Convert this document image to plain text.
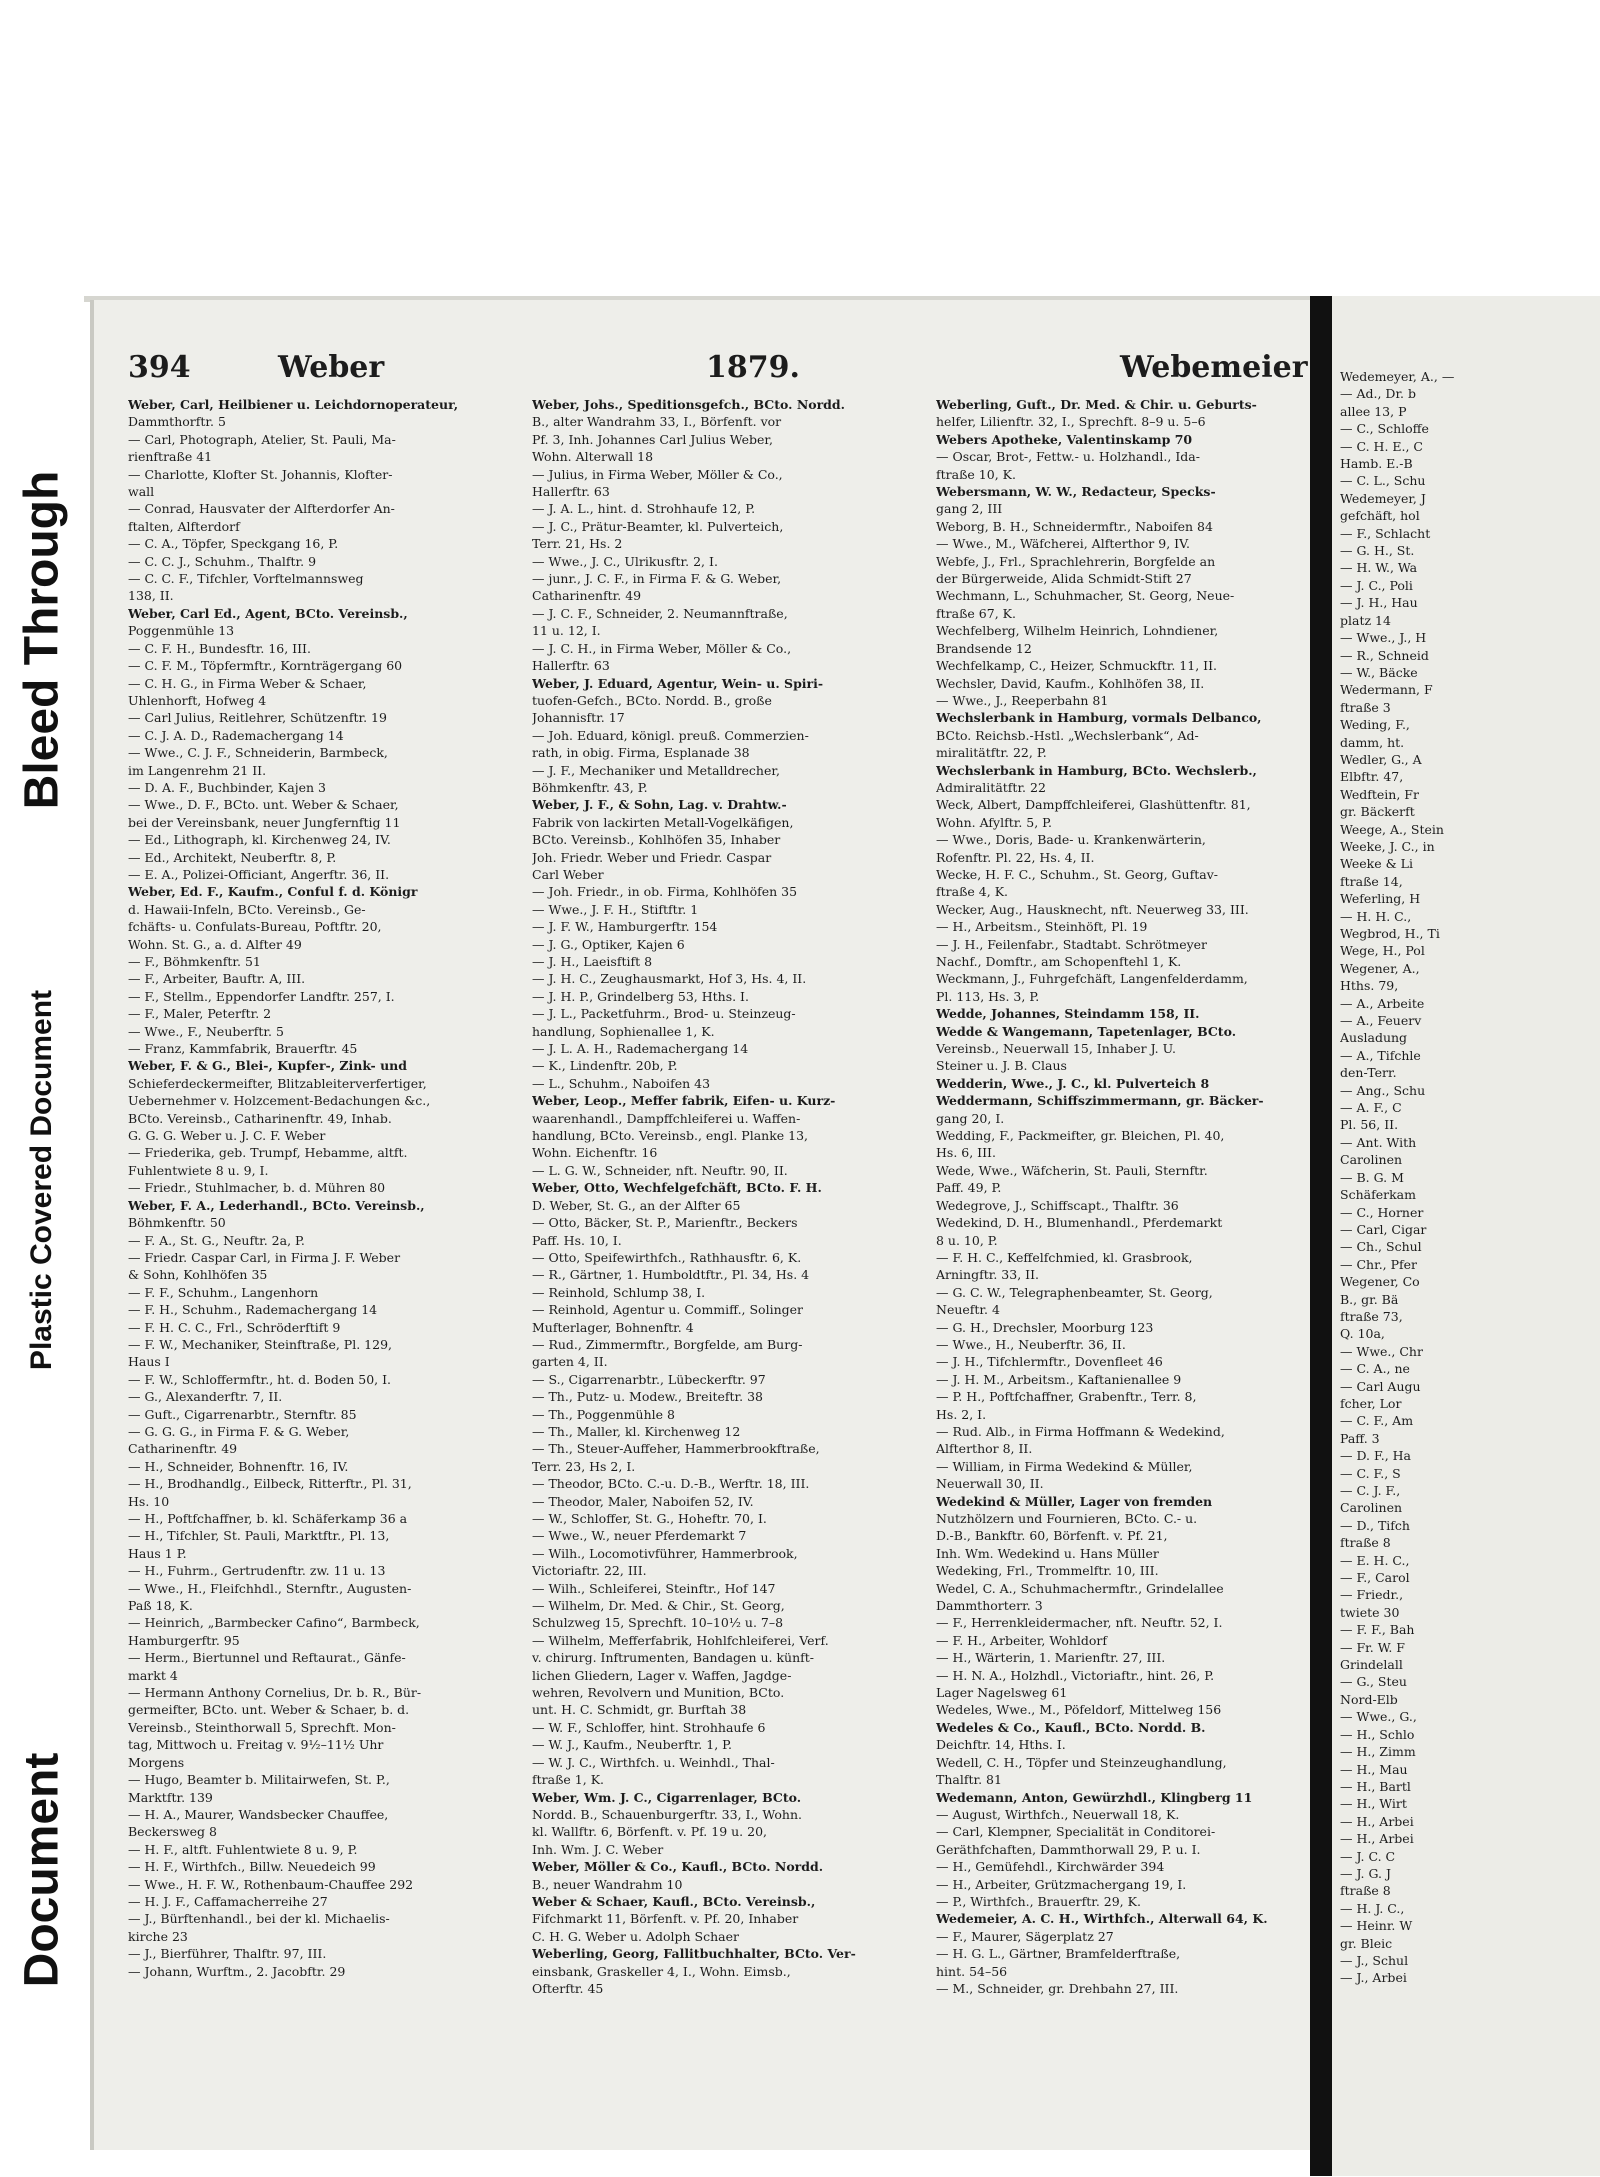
Bleed Through
Plastic Covered Document
Document
394	Weber	1879.	Webemeier

Weber, Carl, Heilbiener u. Leichdornoperateur,

Dammthorftr. 5

— Carl, Photograph, Atelier, St. Pauli, Ma-

rienftraße 41

— Charlotte, Klofter St. Johannis, Klofter-

wall

— Conrad, Hausvater der Alfterdorfer An-

ftalten, Alfterdorf

— C. A., Töpfer, Speckgang 16, P.

— C. C. J., Schuhm., Thalftr. 9

— C. C. F., Tifchler, Vorftelmannsweg

138, II.

Weber, Carl Ed., Agent, BCto. Vereinsb.,

Poggenmühle 13

— C. F. H., Bundesftr. 16, III.

— C. F. M., Töpfermftr., Kornträgergang 60

— C. H. G., in Firma Weber & Schaer,

Uhlenhorft, Hofweg 4

— Carl Julius, Reitlehrer, Schützenftr. 19

— C. J. A. D., Rademachergang 14

— Wwe., C. J. F., Schneiderin, Barmbeck,

im Langenrehm 21 II.

— D. A. F., Buchbinder, Kajen 3

— Wwe., D. F., BCto. unt. Weber & Schaer,

bei der Vereinsbank, neuer Jungfernftig 11

— Ed., Lithograph, kl. Kirchenweg 24, IV.

— Ed., Architekt, Neuberftr. 8, P.

— E. A., Polizei-Officiant, Angerftr. 36, II.

Weber, Ed. F., Kaufm., Conful f. d. Königr

d. Hawaii-Infeln, BCto. Vereinsb., Ge-

fchäfts- u. Confulats-Bureau, Poftftr. 20,

Wohn. St. G., a. d. Alfter 49

— F., Böhmkenftr. 51

— F., Arbeiter, Bauftr. A, III.

— F., Stellm., Eppendorfer Landftr. 257, I.

— F., Maler, Peterftr. 2

— Wwe., F., Neuberftr. 5

— Franz, Kammfabrik, Brauerftr. 45

Weber, F. & G., Blei-, Kupfer-, Zink- und

Schieferdeckermeifter, Blitzableiterverfertiger,

Uebernehmer v. Holzcement-Bedachungen &c.,

BCto. Vereinsb., Catharinenftr. 49, Inhab.

G. G. G. Weber u. J. C. F. Weber

— Friederika, geb. Trumpf, Hebamme, altft.

Fuhlentwiete 8 u. 9, I.

— Friedr., Stuhlmacher, b. d. Mühren 80

Weber, F. A., Lederhandl., BCto. Vereinsb.,

Böhmkenftr. 50

— F. A., St. G., Neuftr. 2a, P.

— Friedr. Caspar Carl, in Firma J. F. Weber

& Sohn, Kohlhöfen 35

— F. F., Schuhm., Langenhorn

— F. H., Schuhm., Rademachergang 14

— F. H. C. C., Frl., Schröderftift 9

— F. W., Mechaniker, Steinftraße, Pl. 129,

Haus I

— F. W., Schloffermftr., ht. d. Boden 50, I.

— G., Alexanderftr. 7, II.

— Guft., Cigarrenarbtr., Sternftr. 85

— G. G. G., in Firma F. & G. Weber,

Catharinenftr. 49

— H., Schneider, Bohnenftr. 16, IV.

— H., Brodhandlg., Eilbeck, Ritterftr., Pl. 31,

Hs. 10

— H., Poftfchaffner, b. kl. Schäferkamp 36 a

— H., Tifchler, St. Pauli, Marktftr., Pl. 13,

Haus 1 P.

— H., Fuhrm., Gertrudenftr. zw. 11 u. 13

— Wwe., H., Fleifchhdl., Sternftr., Augusten-

Paß 18, K.

— Heinrich, „Barmbecker Cafino“, Barmbeck,

Hamburgerftr. 95

— Herm., Biertunnel und Reftaurat., Gänfe-

markt 4

— Hermann Anthony Cornelius, Dr. b. R., Bür-

germeifter, BCto. unt. Weber & Schaer, b. d.

Vereinsb., Steinthorwall 5, Sprechft. Mon-

tag, Mittwoch u. Freitag v. 9½–11½ Uhr

Morgens

— Hugo, Beamter b. Militairwefen, St. P.,

Marktftr. 139

— H. A., Maurer, Wandsbecker Chauffee,

Beckersweg 8

— H. F., altft. Fuhlentwiete 8 u. 9, P.

— H. F., Wirthfch., Billw. Neuedeich 99

— Wwe., H. F. W., Rothenbaum-Chauffee 292

— H. J. F., Caffamacherreihe 27

— J., Bürftenhandl., bei der kl. Michaelis-

kirche 23

— J., Bierführer, Thalftr. 97, III.

— Johann, Wurftm., 2. Jacobftr. 29

Weber, Johs., Speditionsgefch., BCto. Nordd.

B., alter Wandrahm 33, I., Börfenft. vor

Pf. 3, Inh. Johannes Carl Julius Weber,

Wohn. Alterwall 18

— Julius, in Firma Weber, Möller & Co.,

Hallerftr. 63

— J. A. L., hint. d. Strohhaufe 12, P.

— J. C., Prätur-Beamter, kl. Pulverteich,

Terr. 21, Hs. 2

— Wwe., J. C., Ulrikusftr. 2, I.

— junr., J. C. F., in Firma F. & G. Weber,

Catharinenftr. 49

— J. C. F., Schneider, 2. Neumannftraße,

11 u. 12, I.

— J. C. H., in Firma Weber, Möller & Co.,

Hallerftr. 63

Weber, J. Eduard, Agentur, Wein- u. Spiri-

tuofen-Gefch., BCto. Nordd. B., große

Johannisftr. 17

— Joh. Eduard, königl. preuß. Commerzien-

rath, in obig. Firma, Esplanade 38

— J. F., Mechaniker und Metalldrecher,

Böhmkenftr. 43, P.

Weber, J. F., & Sohn, Lag. v. Drahtw.-

Fabrik von lackirten Metall-Vogelkäfigen,

BCto. Vereinsb., Kohlhöfen 35, Inhaber

Joh. Friedr. Weber und Friedr. Caspar

Carl Weber

— Joh. Friedr., in ob. Firma, Kohlhöfen 35

— Wwe., J. F. H., Stiftftr. 1

— J. F. W., Hamburgerftr. 154

— J. G., Optiker, Kajen 6

— J. H., Laeisftift 8

— J. H. C., Zeughausmarkt, Hof 3, Hs. 4, II.

— J. H. P., Grindelberg 53, Hths. I.

— J. L., Packetfuhrm., Brod- u. Steinzeug-

handlung, Sophienallee 1, K.

— J. L. A. H., Rademachergang 14

— K., Lindenftr. 20b, P.

— L., Schuhm., Naboifen 43

Weber, Leop., Meffer fabrik, Eifen- u. Kurz-

waarenhandl., Dampffchleiferei u. Waffen-

handlung, BCto. Vereinsb., engl. Planke 13,

Wohn. Eichenftr. 16

— L. G. W., Schneider, nft. Neuftr. 90, II.

Weber, Otto, Wechfelgefchäft, BCto. F. H.

D. Weber, St. G., an der Alfter 65

— Otto, Bäcker, St. P., Marienftr., Beckers

Paff. Hs. 10, I.

— Otto, Speifewirthfch., Rathhausftr. 6, K.

— R., Gärtner, 1. Humboldtftr., Pl. 34, Hs. 4

— Reinhold, Schlump 38, I.

— Reinhold, Agentur u. Commiff., Solinger

Mufterlager, Bohnenftr. 4

— Rud., Zimmermftr., Borgfelde, am Burg-

garten 4, II.

— S., Cigarrenarbtr., Lübeckerftr. 97

— Th., Putz- u. Modew., Breiteftr. 38

— Th., Poggenmühle 8

— Th., Maller, kl. Kirchenweg 12

— Th., Steuer-Auffeher, Hammerbrookftraße,

Terr. 23, Hs 2, I.

— Theodor, BCto. C.-u. D.-B., Werftr. 18, III.

— Theodor, Maler, Naboifen 52, IV.

— W., Schloffer, St. G., Hoheftr. 70, I.

— Wwe., W., neuer Pferdemarkt 7

— Wilh., Locomotivführer, Hammerbrook,

Victoriaftr. 22, III.

— Wilh., Schleiferei, Steinftr., Hof 147

— Wilhelm, Dr. Med. & Chir., St. Georg,

Schulzweg 15, Sprechft. 10–10½ u. 7–8

— Wilhelm, Mefferfabrik, Hohlfchleiferei, Verf.

v. chirurg. Inftrumenten, Bandagen u. künft-

lichen Gliedern, Lager v. Waffen, Jagdge-

wehren, Revolvern und Munition, BCto.

unt. H. C. Schmidt, gr. Burftah 38

— W. F., Schloffer, hint. Strohhaufe 6

— W. J., Kaufm., Neuberftr. 1, P.

— W. J. C., Wirthfch. u. Weinhdl., Thal-

ftraße 1, K.

Weber, Wm. J. C., Cigarrenlager, BCto.

Nordd. B., Schauenburgerftr. 33, I., Wohn.

kl. Wallftr. 6, Börfenft. v. Pf. 19 u. 20,

Inh. Wm. J. C. Weber

Weber, Möller & Co., Kaufl., BCto. Nordd.

B., neuer Wandrahm 10

Weber & Schaer, Kaufl., BCto. Vereinsb.,

Fifchmarkt 11, Börfenft. v. Pf. 20, Inhaber

C. H. G. Weber u. Adolph Schaer

Weberling, Georg, Fallitbuchhalter, BCto. Ver-

einsbank, Graskeller 4, I., Wohn. Eimsb.,

Ofterftr. 45

Weberling, Guft., Dr. Med. & Chir. u. Geburts-

helfer, Lilienftr. 32, I., Sprechft. 8–9 u. 5–6

Webers Apotheke, Valentinskamp 70

— Oscar, Brot-, Fettw.- u. Holzhandl., Ida-

ftraße 10, K.

Webersmann, W. W., Redacteur, Specks-

gang 2, III

Weborg, B. H., Schneidermftr., Naboifen 84

— Wwe., M., Wäfcherei, Alfterthor 9, IV.

Webfe, J., Frl., Sprachlehrerin, Borgfelde an

der Bürgerweide, Alida Schmidt-Stift 27

Wechmann, L., Schuhmacher, St. Georg, Neue-

ftraße 67, K.

Wechfelberg, Wilhelm Heinrich, Lohndiener,

Brandsende 12

Wechfelkamp, C., Heizer, Schmuckftr. 11, II.

Wechsler, David, Kaufm., Kohlhöfen 38, II.

— Wwe., J., Reeperbahn 81

Wechslerbank in Hamburg, vormals Delbanco,

BCto. Reichsb.-Hstl. „Wechslerbank“, Ad-

miralitätftr. 22, P.

Wechslerbank in Hamburg, BCto. Wechslerb.,

Admiralitätftr. 22

Weck, Albert, Dampffchleiferei, Glashüttenftr. 81,

Wohn. Afylftr. 5, P.

— Wwe., Doris, Bade- u. Krankenwärterin,

Rofenftr. Pl. 22, Hs. 4, II.

Wecke, H. F. C., Schuhm., St. Georg, Guftav-

ftraße 4, K.

Wecker, Aug., Hausknecht, nft. Neuerweg 33, III.

— H., Arbeitsm., Steinhöft, Pl. 19

— J. H., Feilenfabr., Stadtabt. Schrötmeyer

Nachf., Domftr., am Schopenftehl 1, K.

Weckmann, J., Fuhrgefchäft, Langenfelderdamm,

Pl. 113, Hs. 3, P.

Wedde, Johannes, Steindamm 158, II.

Wedde & Wangemann, Tapetenlager, BCto.

Vereinsb., Neuerwall 15, Inhaber J. U.

Steiner u. J. B. Claus

Wedderin, Wwe., J. C., kl. Pulverteich 8

Weddermann, Schiffszimmermann, gr. Bäcker-

gang 20, I.

Wedding, F., Packmeifter, gr. Bleichen, Pl. 40,

Hs. 6, III.

Wede, Wwe., Wäfcherin, St. Pauli, Sternftr.

Paff. 49, P.

Wedegrove, J., Schiffscapt., Thalftr. 36

Wedekind, D. H., Blumenhandl., Pferdemarkt

8 u. 10, P.

— F. H. C., Keffelfchmied, kl. Grasbrook,

Arningftr. 33, II.

— G. C. W., Telegraphenbeamter, St. Georg,

Neueftr. 4

— G. H., Drechsler, Moorburg 123

— Wwe., H., Neuberftr. 36, II.

— J. H., Tifchlermftr., Dovenfleet 46

— J. H. M., Arbeitsm., Kaftanienallee 9

— P. H., Poftfchaffner, Grabenftr., Terr. 8,

Hs. 2, I.

— Rud. Alb., in Firma Hoffmann & Wedekind,

Alfterthor 8, II.

— William, in Firma Wedekind & Müller,

Neuerwall 30, II.

Wedekind & Müller, Lager von fremden

Nutzhölzern und Fournieren, BCto. C.- u.

D.-B., Bankftr. 60, Börfenft. v. Pf. 21,

Inh. Wm. Wedekind u. Hans Müller

Wedeking, Frl., Trommelftr. 10, III.

Wedel, C. A., Schuhmachermftr., Grindelallee

Dammthorterr. 3

— F., Herrenkleidermacher, nft. Neuftr. 52, I.

— F. H., Arbeiter, Wohldorf

— H., Wärterin, 1. Marienftr. 27, III.

— H. N. A., Holzhdl., Victoriaftr., hint. 26, P.

Lager Nagelsweg 61

Wedeles, Wwe., M., Pöfeldorf, Mittelweg 156

Wedeles & Co., Kaufl., BCto. Nordd. B.

Deichftr. 14, Hths. I.

Wedell, C. H., Töpfer und Steinzeughandlung,

Thalftr. 81

Wedemann, Anton, Gewürzhdl., Klingberg 11

— August, Wirthfch., Neuerwall 18, K.

— Carl, Klempner, Specialität in Conditorei-

Geräthfchaften, Dammthorwall 29, P. u. I.

— H., Gemüfehdl., Kirchwärder 394

— H., Arbeiter, Grützmachergang 19, I.

— P., Wirthfch., Brauerftr. 29, K.

Wedemeier, A. C. H., Wirthfch., Alterwall 64, K.

— F., Maurer, Sägerplatz 27

— H. G. L., Gärtner, Bramfelderftraße,

hint. 54–56

— M., Schneider, gr. Drehbahn 27, III.

Wedemeyer, A., —

— Ad., Dr. b

allee 13, P

— C., Schloffe

— C. H. E., C

Hamb. E.-B

— C. L., Schu

Wedemeyer, J

gefchäft, hol

— F., Schlacht

— G. H., St.

— H. W., Wa

— J. C., Poli

— J. H., Hau

platz 14

— Wwe., J., H

— R., Schneid

— W., Bäcke

Wedermann, F

ftraße 3

Weding, F.,

damm, ht.

Wedler, G., A

Elbftr. 47,

Wedftein, Fr

gr. Bäckerft

Weege, A., Stein

Weeke, J. C., in

Weeke & Li

ftraße 14,

Weferling, H

— H. H. C.,

Wegbrod, H., Ti

Wege, H., Pol

Wegener, A.,

Hths. 79,

— A., Arbeite

— A., Feuerv

Ausladung

— A., Tifchle

den-Terr.

— Ang., Schu

— A. F., C

Pl. 56, II.

— Ant. With

Carolinen

— B. G. M

Schäferkam

— C., Horner

— Carl, Cigar

— Ch., Schul

— Chr., Pfer

Wegener, Co

B., gr. Bä

ftraße 73,

Q. 10a,

— Wwe., Chr

— C. A., ne

— Carl Augu

fcher, Lor

— C. F., Am

Paff. 3

— D. F., Ha

— C. F., S

— C. J. F.,

Carolinen

— D., Tifch

ftraße 8

— E. H. C.,

— F., Carol

— Friedr.,

twiete 30

— F. F., Bah

— Fr. W. F

Grindelall

— G., Steu

Nord-Elb

— Wwe., G.,

— H., Schlo

— H., Zimm

— H., Mau

— H., Bartl

— H., Wirt

— H., Arbei

— H., Arbei

— J. C. C

— J. G. J

ftraße 8

— H. J. C.,

— Heinr. W

gr. Bleic

— J., Schul

— J., Arbei
